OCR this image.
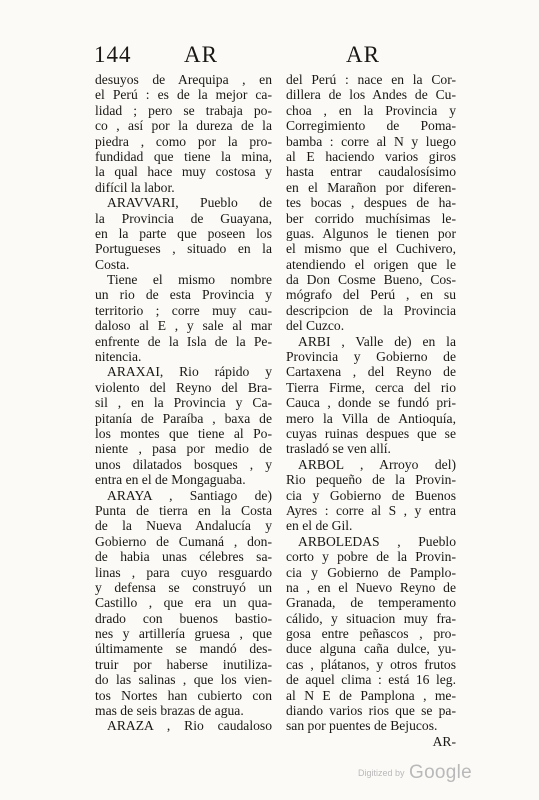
144 AR	AR
desuyos de Arequipa , en
el Perú : es de la mejor ca-
lidad ; pero se trabaja po-
co , así por la dureza de la
piedra , como por la pro-
fundidad que tiene la mina,
la qual hace muy costosa y
difícil la labor.
ARAVVARI, Pueblo de
la Provincia de Guayana,
en la parte que poseen los
Portugueses , situado en la
Costa.
Tiene el mismo nombre
un rio de esta Provincia y
territorio ; corre muy cau-
daloso al E , y sale al mar
enfrente de la Isla de la Pe-
nitencia.
ARAXAI, Rio rápido y
violento del Reyno del Bra-
sil , en la Provincia y Ca-
pitanía de Paraíba , baxa de
los montes que tiene al Po-
niente , pasa por medio de
unos dilatados bosques , y
entra en el de Mongaguaba.
ARAYA , Santiago de)
Punta de tierra en la Costa
de la Nueva Andalucía y
Gobierno de Cumaná , don-
de habia unas célebres sa-
linas , para cuyo resguardo
y defensa se construyó un
Castillo , que era un qua-
drado con buenos bastio-
nes y artillería gruesa , que
últimamente se mandó des-
truir por haberse inutiliza-
do las salinas , que los vien-
tos Nortes han cubierto con
mas de seis brazas de agua.
ARAZA , Rio caudaloso
del Perú : nace en la Cor-
dillera de los Andes de Cu-
choa , en la Provincia y
Corregimiento de Poma-
bamba : corre al N y luego
al E haciendo varios giros
hasta entrar caudalosísimo
en el Marañon por diferen-
tes bocas , despues de ha-
ber corrido muchísimas le-
guas. Algunos le tienen por
el mismo que el Cuchivero,
atendiendo el origen que le
da Don Cosme Bueno, Cos-
mógrafo del Perú , en su
descripcion de la Provincia
del Cuzco.
ARBI , Valle de) en la
Provincia y Gobierno de
Cartaxena , del Reyno de
Tierra Firme, cerca del rio
Cauca , donde se fundó pri-
mero la Villa de Antioquía,
cuyas ruinas despues que se
trasladó se ven allí.
ARBOL , Arroyo del)
Rio pequeño de la Provin-
cia y Gobierno de Buenos
Ayres : corre al S , y entra
en el de Gil.
ARBOLEDAS , Pueblo
corto y pobre de la Provin-
cia y Gobierno de Pamplo-
na , en el Nuevo Reyno de
Granada, de temperamento
cálido, y situacion muy fra-
gosa entre peñascos , pro-
duce alguna caña dulce, yu-
cas , plátanos, y otros frutos
de aquel clima : está 16 leg.
al N E de Pamplona , me-
diando varios rios que se pa-
san por puentes de Bejucos.
AR-
Digitized by Google
